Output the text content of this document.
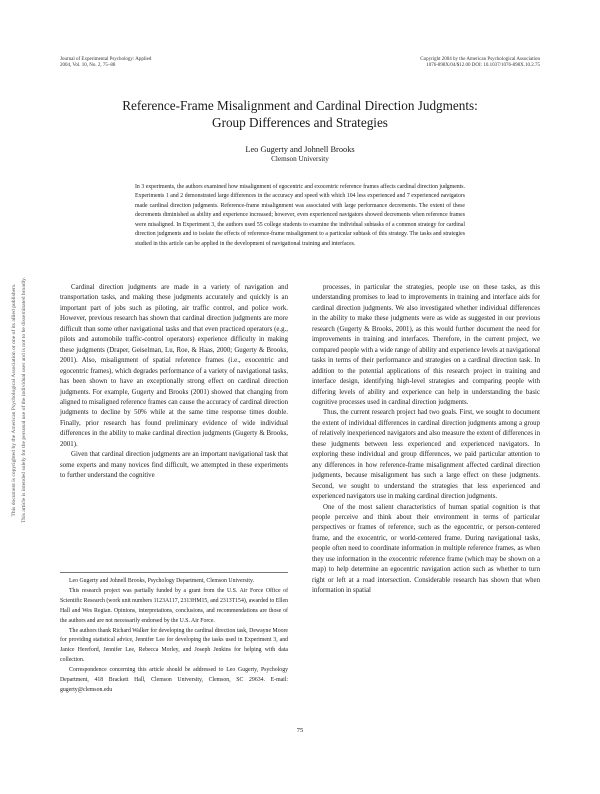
Journal of Experimental Psychology: Applied
2004, Vol. 10, No. 2, 75–88
Copyright 2004 by the American Psychological Association
1076-898X/04/$12.00 DOI: 10.1037/1076-898X.10.2.75
This document is copyrighted by the American Psychological Association or one of its allied publishers. This article is intended solely for the personal use of the individual user and is not to be disseminated broadly.
Reference-Frame Misalignment and Cardinal Direction Judgments:
Group Differences and Strategies
Leo Gugerty and Johnell Brooks
Clemson University

In 3 experiments, the authors examined how misalignment of egocentric and exocentric reference frames affects cardinal direction judgments. Experiments 1 and 2 demonstrated large differences in the accuracy and speed with which 104 less experienced and 7 experienced navigators made cardinal direction judgments. Reference-frame misalignment was associated with large performance decrements. The extent of these decrements diminished as ability and experience increased; however, even experienced navigators showed decrements when reference frames were misaligned. In Experiment 3, the authors used 55 college students to examine the individual subtasks of a common strategy for cardinal direction judgments and to isolate the effects of reference-frame misalignment to a particular subtask of this strategy. The tasks and strategies studied in this article can be applied in the development of navigational training and interfaces.

Cardinal direction judgments are made in a variety of navigation and transportation tasks, and making these judgments accurately and quickly is an important part of jobs such as piloting, air traffic control, and police work. However, previous research has shown that cardinal direction judgments are more difficult than some other navigational tasks and that even practiced operators (e.g., pilots and automobile traffic-control operators) experience difficulty in making these judgments (Draper, Geiselman, Lu, Roe, & Haas, 2000; Gugerty & Brooks, 2001). Also, misalignment of spatial reference frames (i.e., exocentric and egocentric frames), which degrades performance of a variety of navigational tasks, has been shown to have an exceptionally strong effect on cardinal direction judgments. For example, Gugerty and Brooks (2001) showed that changing from aligned to misaligned reference frames can cause the accuracy of cardinal direction judgments to decline by 50% while at the same time response times double. Finally, prior research has found preliminary evidence of wide individual differences in the ability to make cardinal direction judgments (Gugerty & Brooks, 2001).

Given that cardinal direction judgments are an important navigational task that some experts and many novices find difficult, we attempted in these experiments to further understand the cognitive

processes, in particular the strategies, people use on these tasks, as this understanding promises to lead to improvements in training and interface aids for cardinal direction judgments. We also investigated whether individual differences in the ability to make these judgments were as wide as suggested in our previous research (Gugerty & Brooks, 2001), as this would further document the need for improvements in training and interfaces. Therefore, in the current project, we compared people with a wide range of ability and experience levels at navigational tasks in terms of their performance and strategies on a cardinal direction task. In addition to the potential applications of this research project in training and interface design, identifying high-level strategies and comparing people with differing levels of ability and experience can help in understanding the basic cognitive processes used in cardinal direction judgments.

Thus, the current research project had two goals. First, we sought to document the extent of individual differences in cardinal direction judgments among a group of relatively inexperienced navigators and also measure the extent of differences in these judgments between less experienced and experienced navigators. In exploring these individual and group differences, we paid particular attention to any differences in how reference-frame misalignment affected cardinal direction judgments, because misalignment has such a large effect on these judgments. Second, we sought to understand the strategies that less experienced and experienced navigators use in making cardinal direction judgments.

One of the most salient characteristics of human spatial cognition is that people perceive and think about their environment in terms of particular perspectives or frames of reference, such as the egocentric, or person-centered frame, and the exocentric, or world-centered frame. During navigational tasks, people often need to coordinate information in multiple reference frames, as when they use information in the exocentric reference frame (which may be shown on a map) to help determine an egocentric navigation action such as whether to turn right or left at a road intersection. Considerable research has shown that when information in spatial

Leo Gugerty and Johnell Brooks, Psychology Department, Clemson University.

This research project was partially funded by a grant from the U.S. Air Force Office of Scientific Research (work unit numbers 1123A117, 2313HM15, and 2313T154), awarded to Ellen Hall and Wes Regian. Opinions, interpretations, conclusions, and recommendations are those of the authors and are not necessarily endorsed by the U.S. Air Force.

The authors thank Richard Walker for developing the cardinal direction task, Dewayne Moore for providing statistical advice, Jennifer Lee for developing the tasks used in Experiment 3, and Janice Hereford, Jennifer Lee, Rebecca Morley, and Joseph Jenkins for helping with data collection.

Correspondence concerning this article should be addressed to Leo Gugerty, Psychology Department, 418 Brackett Hall, Clemson University, Clemson, SC 29634. E-mail: gugerty@clemson.edu

75
